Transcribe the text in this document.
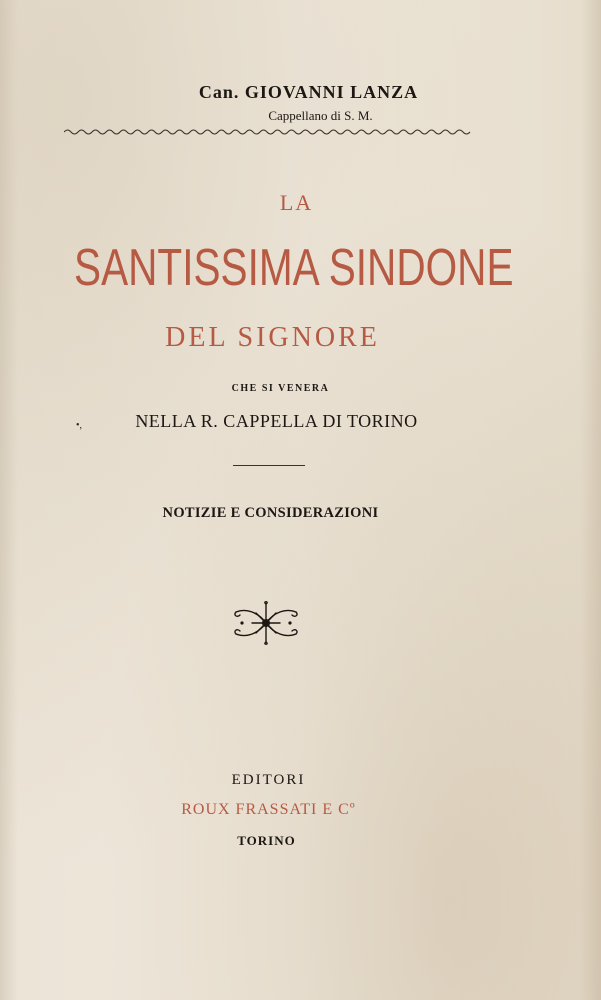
Can. GIOVANNI LANZA
Cappellano di S. M.
LA
SANTISSIMA SINDONE
DEL SIGNORE
CHE SI VENERA
•,	NELLA R. CAPPELLA DI TORINO
NOTIZIE E CONSIDERAZIONI
EDITORI
ROUX FRASSATI E Cº
TORINO
